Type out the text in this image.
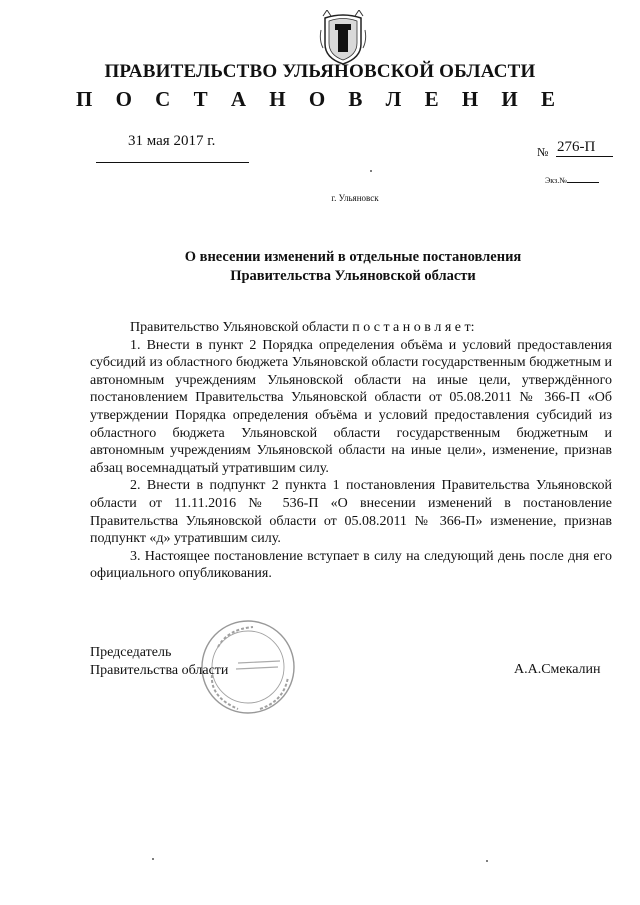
ПРАВИТЕЛЬСТВО УЛЬЯНОВСКОЙ ОБЛАСТИ
П О С Т А Н О В Л Е Н И Е
31 мая 2017 г.
№ 276-П
Экз.№
г. Ульяновск
О внесении изменений в отдельные постановления
Правительства Ульяновской области

Правительство Ульяновской области п о с т а н о в л я е т:

1. Внести в пункт 2 Порядка определения объёма и условий предоставления субсидий из областного бюджета Ульяновской области государственным бюджетным и автономным учреждениям Ульяновской области на иные цели, утверждённого постановлением Правительства Ульяновской области от 05.08.2011 № 366-П «Об утверждении Порядка определения объёма и условий предоставления субсидий из областного бюджета Ульяновской области государственным бюджетным и автономным учреждениям Ульяновской области на иные цели», изменение, признав абзац восемнадцатый утратившим силу.

2. Внести в подпункт 2 пункта 1 постановления Правительства Ульяновской области от 11.11.2016 № 536-П «О внесении изменений в постановление Правительства Ульяновской области от 05.08.2011 № 366-П» изменение, признав подпункт «д» утратившим силу.

3. Настоящее постановление вступает в силу на следующий день после дня его официального опубликования.

Председатель
Правительства области	А.А.Смекалин
